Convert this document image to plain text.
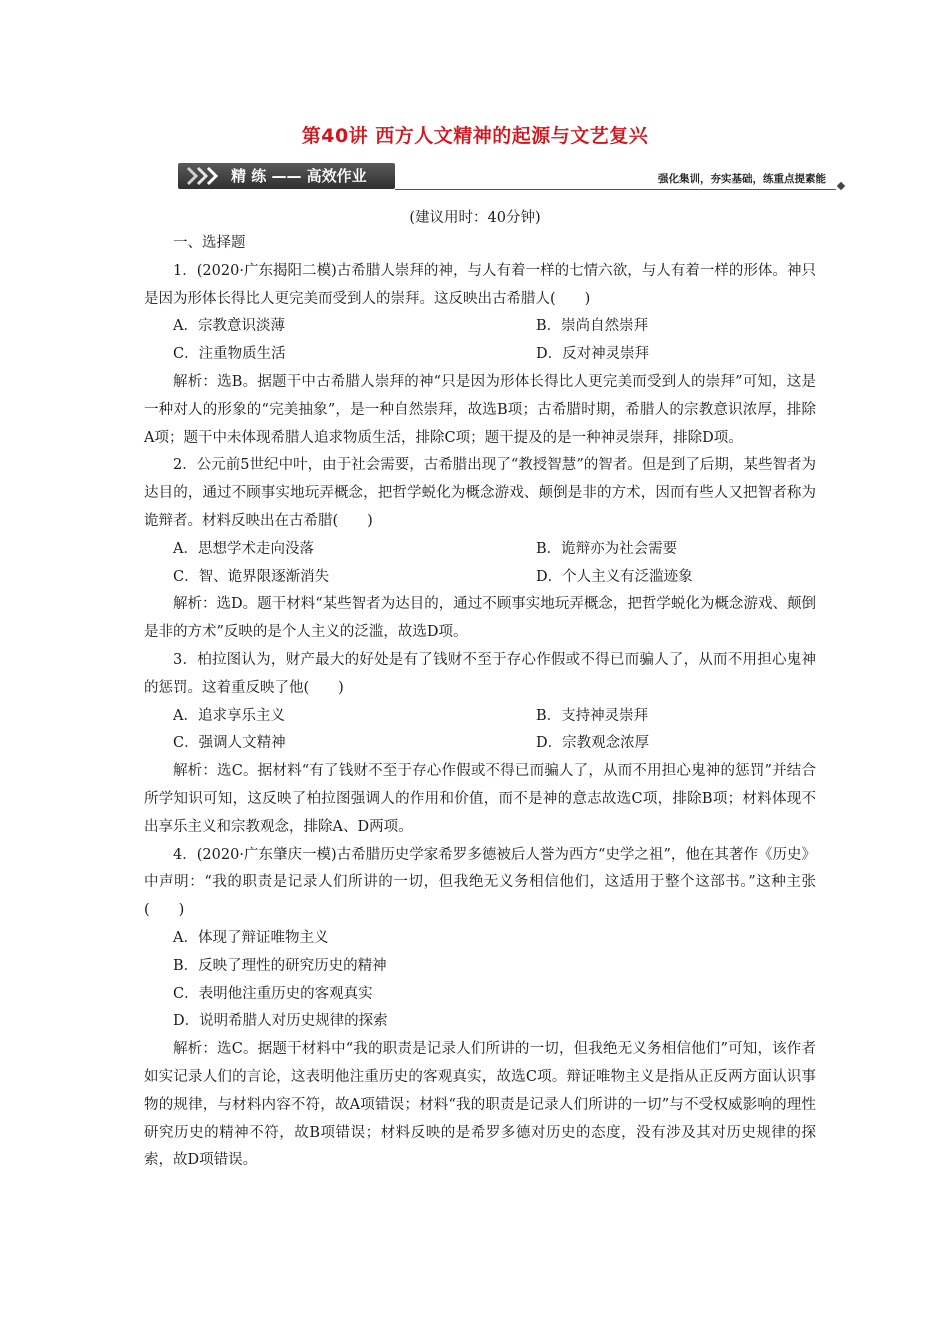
第40讲 西方人文精神的起源与文艺复兴
精 练 —— 高效作业	强化集训，夯实基础，练重点提素能
(建议用时：40分钟)

一、选择题

1．(2020·广东揭阳二模)古希腊人崇拜的神，与人有着一样的七情六欲，与人有着一样的形体。神只是因为形体长得比人更完美而受到人的崇拜。这反映出古希腊人(　　)

A．宗教意识淡薄	B．崇尚自然崇拜
C．注重物质生活	D．反对神灵崇拜

解析：选B。据题干中古希腊人崇拜的神“只是因为形体长得比人更完美而受到人的崇拜”可知，这是一种对人的形象的“完美抽象”，是一种自然崇拜，故选B项；古希腊时期，希腊人的宗教意识浓厚，排除A项；题干中未体现希腊人追求物质生活，排除C项；题干提及的是一种神灵崇拜，排除D项。

2．公元前5世纪中叶，由于社会需要，古希腊出现了“教授智慧”的智者。但是到了后期，某些智者为达目的，通过不顾事实地玩弄概念，把哲学蜕化为概念游戏、颠倒是非的方术，因而有些人又把智者称为诡辩者。材料反映出在古希腊(　　)

A．思想学术走向没落	B．诡辩亦为社会需要
C．智、诡界限逐渐消失	D．个人主义有泛滥迹象

解析：选D。题干材料“某些智者为达目的，通过不顾事实地玩弄概念，把哲学蜕化为概念游戏、颠倒是非的方术”反映的是个人主义的泛滥，故选D项。

3．柏拉图认为，财产最大的好处是有了钱财不至于存心作假或不得已而骗人了，从而不用担心鬼神的惩罚。这着重反映了他(　　)

A．追求享乐主义	B．支持神灵崇拜
C．强调人文精神	D．宗教观念浓厚

解析：选C。据材料“有了钱财不至于存心作假或不得已而骗人了，从而不用担心鬼神的惩罚”并结合所学知识可知，这反映了柏拉图强调人的作用和价值，而不是神的意志故选C项，排除B项；材料体现不出享乐主义和宗教观念，排除A、D两项。

4．(2020·广东肇庆一模)古希腊历史学家希罗多德被后人誉为西方“史学之祖”，他在其著作《历史》中声明：“我的职责是记录人们所讲的一切，但我绝无义务相信他们，这适用于整个这部书。”这种主张(　　)

A．体现了辩证唯物主义

B．反映了理性的研究历史的精神

C．表明他注重历史的客观真实

D．说明希腊人对历史规律的探索

解析：选C。据题干材料中“我的职责是记录人们所讲的一切，但我绝无义务相信他们”可知，该作者如实记录人们的言论，这表明他注重历史的客观真实，故选C项。辩证唯物主义是指从正反两方面认识事物的规律，与材料内容不符，故A项错误；材料“我的职责是记录人们所讲的一切”与不受权威影响的理性研究历史的精神不符，故B项错误；材料反映的是希罗多德对历史的态度，没有涉及其对历史规律的探索，故D项错误。
